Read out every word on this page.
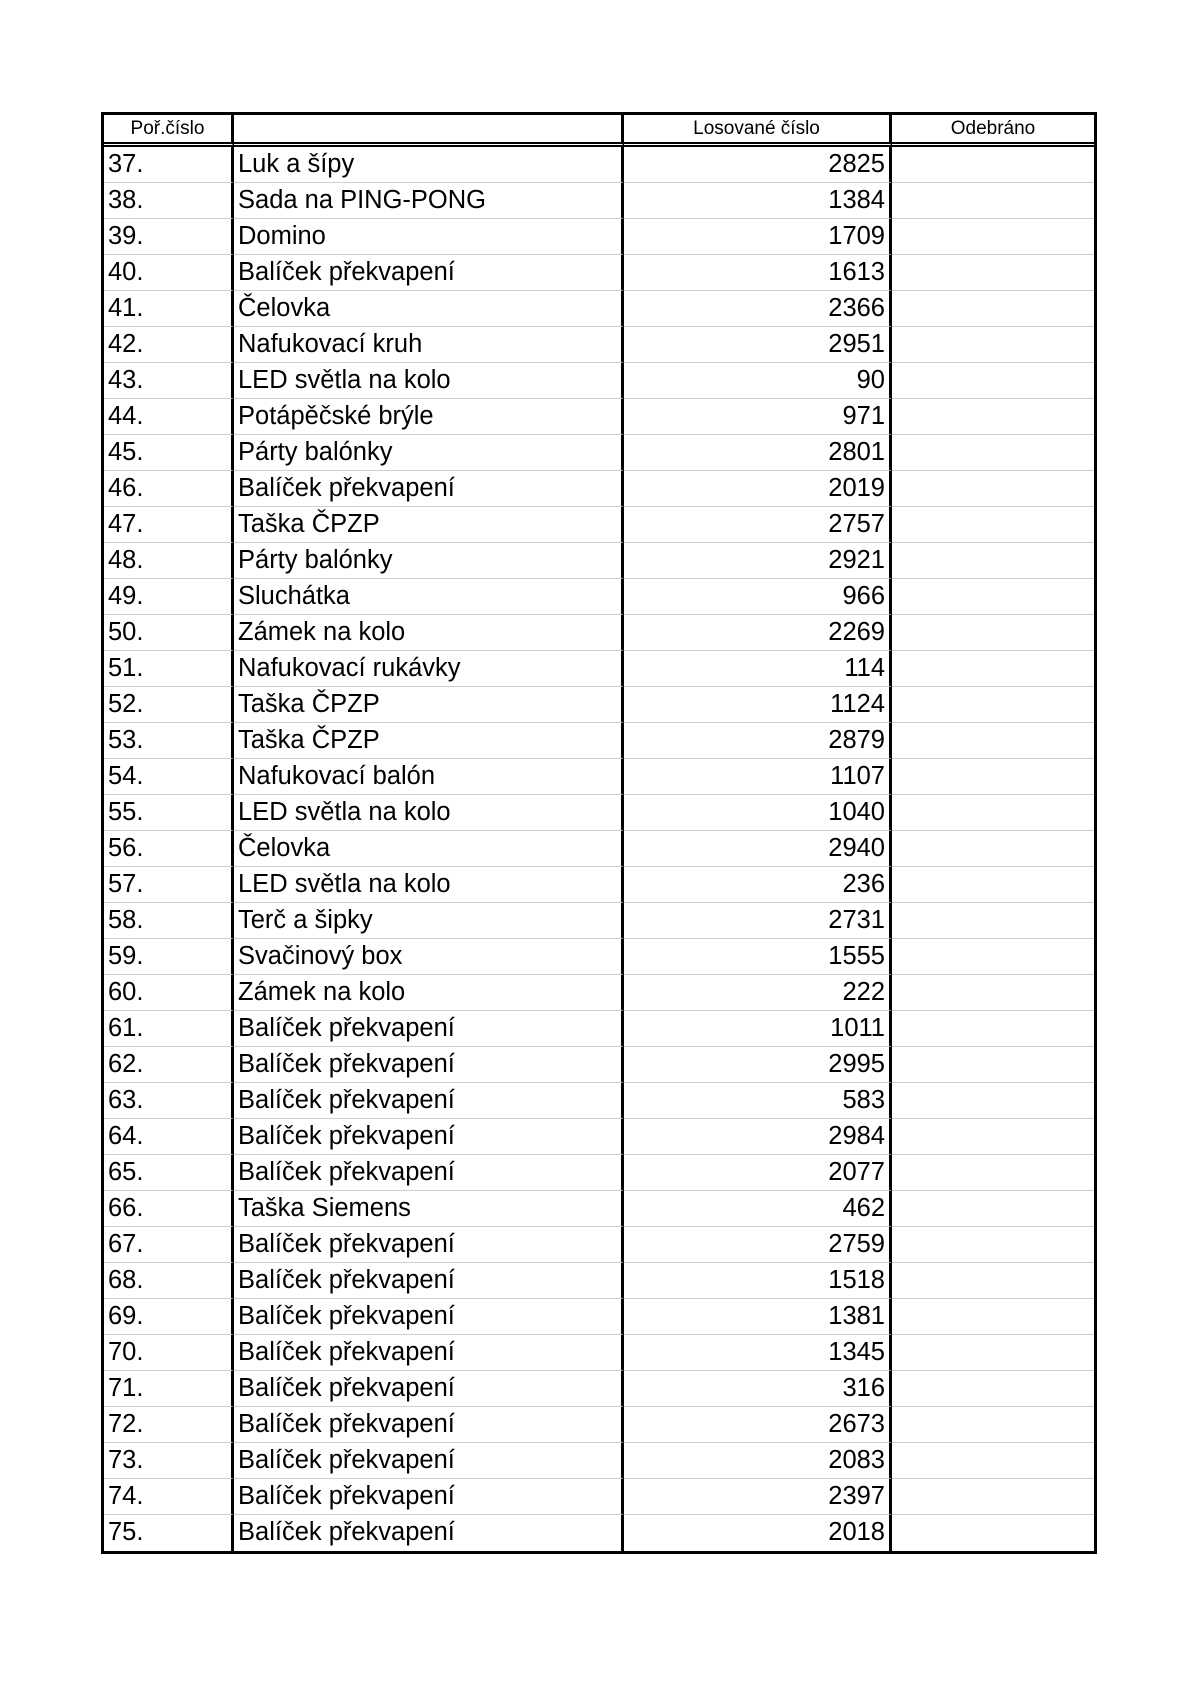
Poř.číslo		Losované číslo	Odebráno
37.	Luk a šípy	2825	
38.	Sada na PING-PONG	1384	
39.	Domino	1709	
40.	Balíček překvapení	1613	
41.	Čelovka	2366	
42.	Nafukovací kruh	2951	
43.	LED světla na kolo	90	
44.	Potápěčské brýle	971	
45.	Párty balónky	2801	
46.	Balíček překvapení	2019	
47.	Taška ČPZP	2757	
48.	Párty balónky	2921	
49.	Sluchátka	966	
50.	Zámek na kolo	2269	
51.	Nafukovací rukávky	114	
52.	Taška ČPZP	1124	
53.	Taška ČPZP	2879	
54.	Nafukovací balón	1107	
55.	LED světla na kolo	1040	
56.	Čelovka	2940	
57.	LED světla na kolo	236	
58.	Terč a šipky	2731	
59.	Svačinový box	1555	
60.	Zámek na kolo	222	
61.	Balíček překvapení	1011	
62.	Balíček překvapení	2995	
63.	Balíček překvapení	583	
64.	Balíček překvapení	2984	
65.	Balíček překvapení	2077	
66.	Taška Siemens	462	
67.	Balíček překvapení	2759	
68.	Balíček překvapení	1518	
69.	Balíček překvapení	1381	
70.	Balíček překvapení	1345	
71.	Balíček překvapení	316	
72.	Balíček překvapení	2673	
73.	Balíček překvapení	2083	
74.	Balíček překvapení	2397	
75.	Balíček překvapení	2018	
